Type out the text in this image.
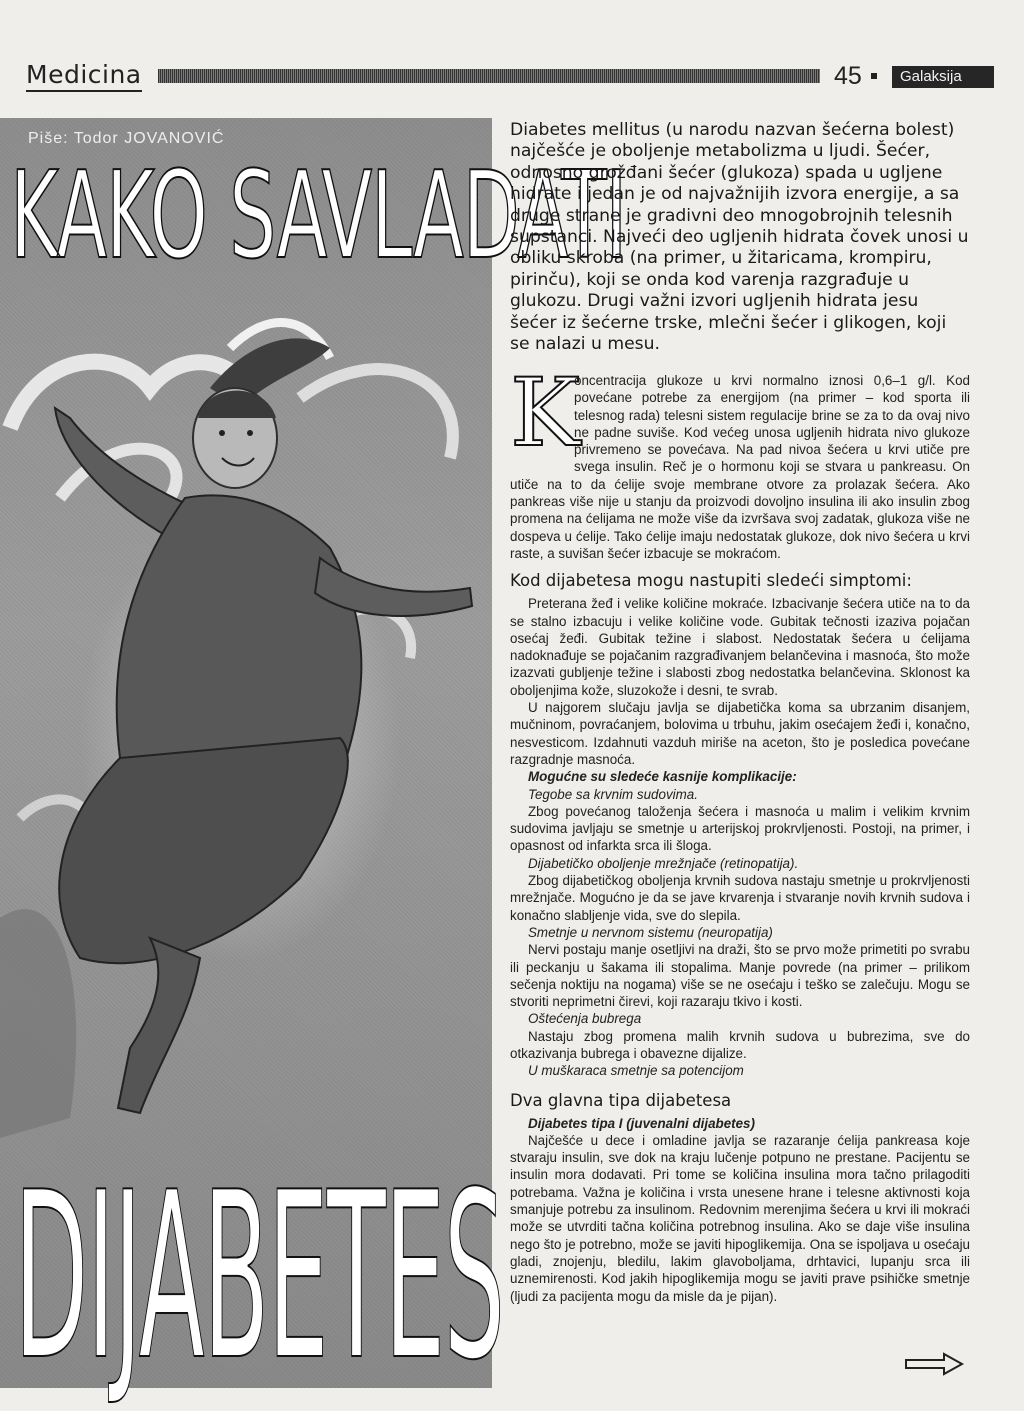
Medicina	45	Galaksija
Piše: Todor JOVANOVIĆ
KAKO SAVLADATI
DIJABETES

Diabetes mellitus (u narodu nazvan šećerna bolest) najčešće je oboljenje metabolizma u ljudi. Šećer, odnosno grožđani šećer (glukoza) spada u ugljene hidrate i jedan je od najvažnijih izvora energije, a sa druge strane je gradivni deo mnogobrojnih telesnih supstanci. Najveći deo ugljenih hidrata čovek unosi u obliku skroba (na primer, u žitaricama, krompiru, pirinču), koji se onda kod varenja razgrađuje u glukozu. Drugi važni izvori ugljenih hidrata jesu šećer iz šećerne trske, mlečni šećer i glikogen, koji se nalazi u mesu.

K

oncentracija glukoze u krvi normalno iznosi 0,6–1 g/l. Kod povećane potrebe za energijom (na primer – kod sporta ili telesnog rada) telesni sistem regulacije brine se za to da ovaj nivo ne padne suviše. Kod većeg unosa ugljenih hidrata nivo glukoze privremeno se povećava. Na pad nivoa šećera u krvi utiče pre svega insulin. Reč je o hormonu koji se stvara u pankreasu. On utiče na to da ćelije svoje membrane otvore za prolazak šećera. Ako pankreas više nije u stanju da proizvodi dovoljno insulina ili ako insulin zbog promena na ćelijama ne može više da izvršava svoj zadatak, glukoza više ne dospeva u ćelije. Tako ćelije imaju nedostatak glukoze, dok nivo šećera u krvi raste, a suvišan šećer izbacuje se mokraćom.

Kod dijabetesa mogu nastupiti sledeći simptomi:

Preterana žeđ i velike količine mokraće. Izbacivanje šećera utiče na to da se stalno izbacuju i velike količine vode. Gubitak tečnosti izaziva pojačan osećaj žeđi. Gubitak težine i slabost. Nedostatak šećera u ćelijama nadoknađuje se pojačanim razgrađivanjem belančevina i masnoća, što može izazvati gubljenje težine i slabosti zbog nedostatka belančevina. Sklonost ka oboljenjima kože, sluzokože i desni, te svrab.

U najgorem slučaju javlja se dijabetička koma sa ubrzanim disanjem, mučninom, povraćanjem, bolovima u trbuhu, jakim osećajem žeđi i, konačno, nesvesticom. Izdahnuti vazduh miriše na aceton, što je posledica povećane razgradnje masnoća.

Mogućne su sledeće kasnije komplikacije:

Tegobe sa krvnim sudovima.

Zbog povećanog taloženja šećera i masnoća u malim i velikim krvnim sudovima javljaju se smetnje u arterijskoj prokrvljenosti. Postoji, na primer, i opasnost od infarkta srca ili šloga.

Dijabetičko oboljenje mrežnjače (retinopatija).

Zbog dijabetičkog oboljenja krvnih sudova nastaju smetnje u prokrvljenosti mrežnjače. Mogućno je da se jave krvarenja i stvaranje novih krvnih sudova i konačno slabljenje vida, sve do slepila.

Smetnje u nervnom sistemu (neuropatija)

Nervi postaju manje osetljivi na draži, što se prvo može primetiti po svrabu ili peckanju u šakama ili stopalima. Manje povrede (na primer – prilikom sečenja noktiju na nogama) više se ne osećaju i teško se zalečuju. Mogu se stvoriti neprimetni čirevi, koji razaraju tkivo i kosti.

Oštećenja bubrega

Nastaju zbog promena malih krvnih sudova u bubrezima, sve do otkazivanja bubrega i obavezne dijalize.

U muškaraca smetnje sa potencijom

Dva glavna tipa dijabetesa

Dijabetes tipa I (juvenalni dijabetes)

Najčešće u dece i omladine javlja se razaranje ćelija pankreasa koje stvaraju insulin, sve dok na kraju lučenje potpuno ne prestane. Pacijentu se insulin mora dodavati. Pri tome se količina insulina mora tačno prilagoditi potrebama. Važna je količina i vrsta unesene hrane i telesne aktivnosti koja smanjuje potrebu za insulinom. Redovnim merenjima šećera u krvi ili mokraći može se utvrditi tačna količina potrebnog insulina. Ako se daje više insulina nego što je potrebno, može se javiti hipoglikemija. Ona se ispoljava u osećaju gladi, znojenju, bledilu, lakim glavoboljama, drhtavici, lupanju srca ili uznemirenosti. Kod jakih hipoglikemija mogu se javiti prave psihičke smetnje (ljudi za pacijenta mogu da misle da je pijan).
